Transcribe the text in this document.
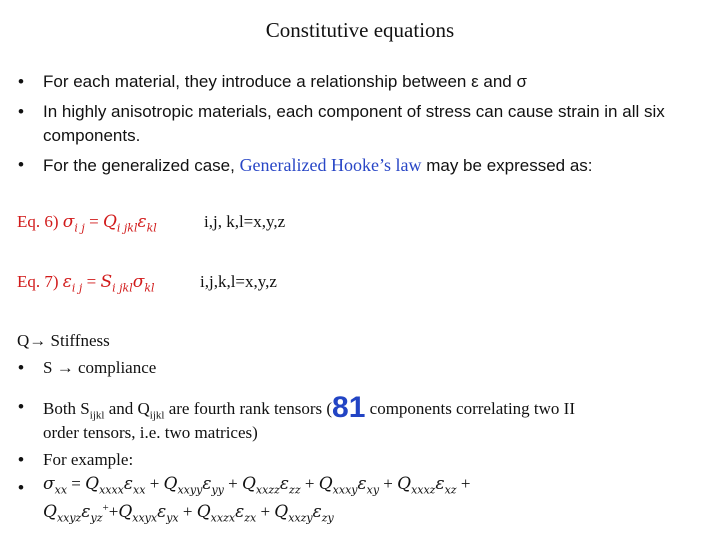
Constitutive equations
• For each material, they introduce a relationship between ε and σ
• In highly anisotropic materials, each component of stress can cause strain in all six
components.
• For the generalized case, Generalized Hooke’s law may be expressed as:
Eq. 6) $\sigma_{i j} = Q_{i jkl}\varepsilon_{kl}$	i,j, k,l=x,y,z
Eq. 7) $\varepsilon_{i j} = S_{i jkl}\sigma_{kl}$	i,j,k,l=x,y,z
Q→ Stiffness
• S → compliance
• Both $S_{ijkl}$ and $Q_{ijkl}$ are fourth rank tensors (81 components correlating two II
order tensors, i.e. two matrices)
• For example:
• $\sigma_{xx} = Q_{xxxx}\varepsilon_{xx} + Q_{xxyy}\varepsilon_{yy} + Q_{xxzz}\varepsilon_{zz} + Q_{xxxy}\varepsilon_{xy} + Q_{xxxz}\varepsilon_{xz}$ +
$Q_{xxyz}\varepsilon_{yz}^++Q_{xxyx}\varepsilon_{yx} + Q_{xxzx}\varepsilon_{zx} + Q_{xxzy}\varepsilon_{zy}$
